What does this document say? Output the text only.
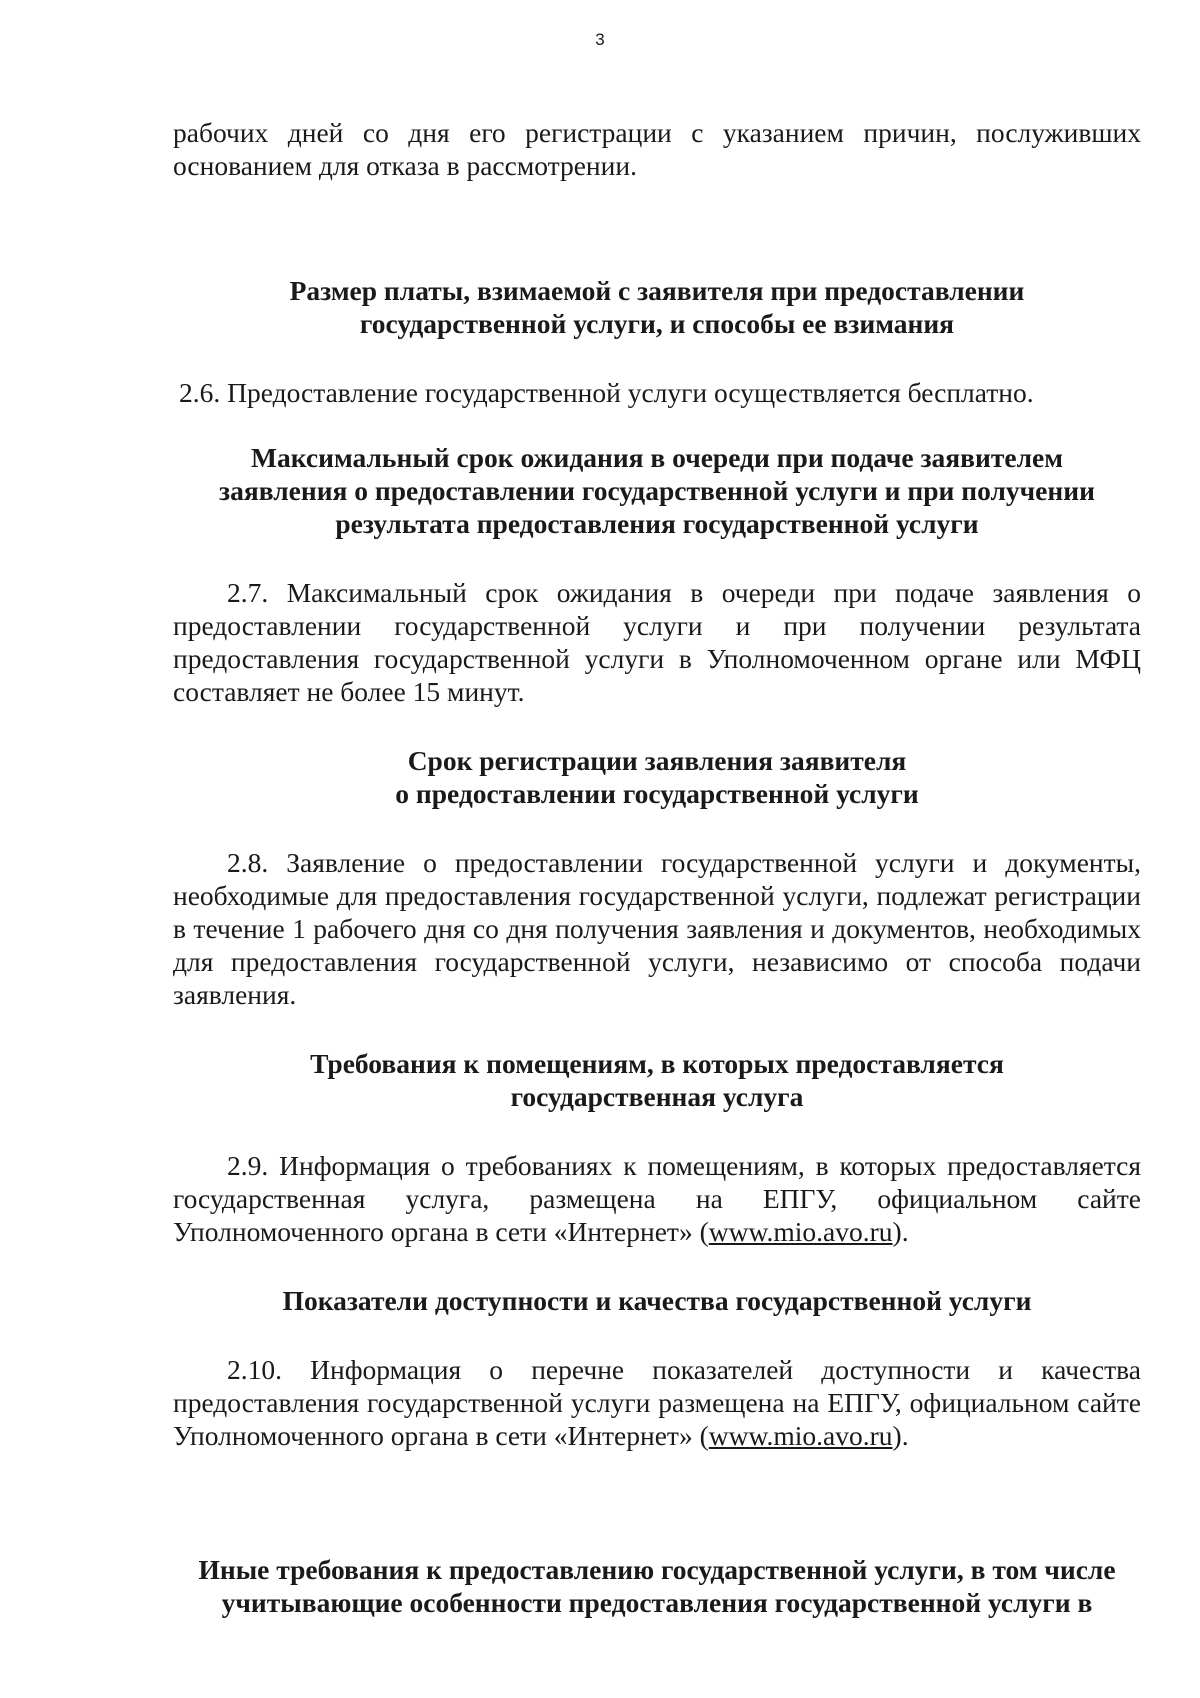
3

рабочих дней со дня его регистрации с указанием причин, послуживших основанием для отказа в рассмотрении.

Размер платы, взимаемой с заявителя при предоставлении
государственной услуги, и способы ее взимания

2.6. Предоставление государственной услуги осуществляется бесплатно.

Максимальный срок ожидания в очереди при подаче заявителем
заявления о предоставлении государственной услуги и при получении
результата предоставления государственной услуги

2.7. Максимальный срок ожидания в очереди при подаче заявления о предоставлении государственной услуги и при получении результата предоставления государственной услуги в Уполномоченном органе или МФЦ составляет не более 15 минут.

Срок регистрации заявления заявителя
о предоставлении государственной услуги

2.8. Заявление о предоставлении государственной услуги и документы, необходимые для предоставления государственной услуги, подлежат регистрации в течение 1 рабочего дня со дня получения заявления и документов, необходимых для предоставления государственной услуги, независимо от способа подачи заявления.

Требования к помещениям, в которых предоставляется
государственная услуга

2.9. Информация о требованиях к помещениям, в которых предоставляется государственная услуга, размещена на ЕПГУ, официальном сайте Уполномоченного органа в сети «Интернет» (www.mio.avo.ru).

Показатели доступности и качества государственной услуги

2.10. Информация о перечне показателей доступности и качества предоставления государственной услуги размещена на ЕПГУ, официальном сайте Уполномоченного органа в сети «Интернет» (www.mio.avo.ru).

Иные требования к предоставлению государственной услуги, в том числе
учитывающие особенности предоставления государственной услуги в
